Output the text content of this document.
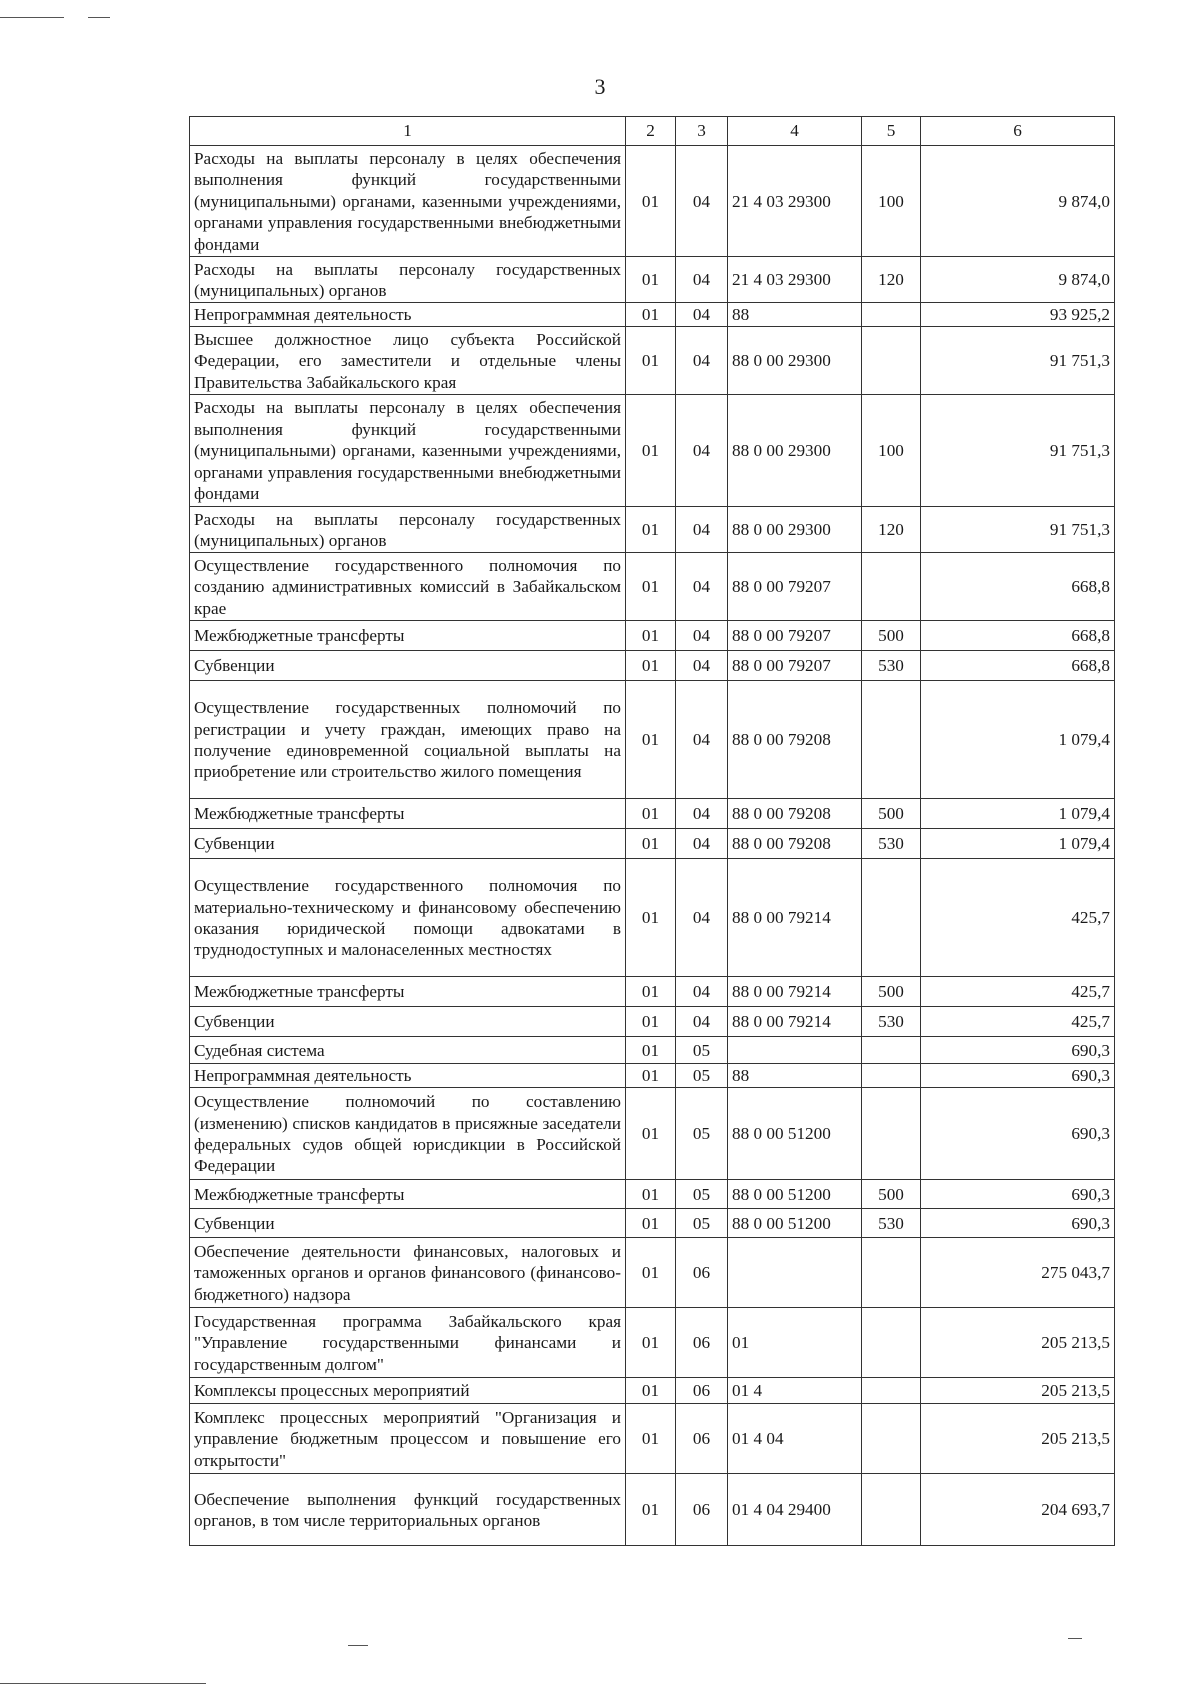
3
1	2	3	4	5	6
Расходы на выплаты персоналу в целях обеспечения выполнения функций государственными (муниципальными) органами, казенными учреждениями, органами управления государственными внебюджетными фондами	01	04	21 4 03 29300	100	9 874,0
Расходы на выплаты персоналу государственных (муниципальных) органов	01	04	21 4 03 29300	120	9 874,0
Непрограммная деятельность	01	04	88		93 925,2
Высшее должностное лицо субъекта Российской Федерации, его заместители и отдельные члены Правительства Забайкальского края	01	04	88 0 00 29300		91 751,3
Расходы на выплаты персоналу в целях обеспечения выполнения функций государственными (муниципальными) органами, казенными учреждениями, органами управления государственными внебюджетными фондами	01	04	88 0 00 29300	100	91 751,3
Расходы на выплаты персоналу государственных (муниципальных) органов	01	04	88 0 00 29300	120	91 751,3
Осуществление государственного полномочия по созданию административных комиссий в Забайкальском крае	01	04	88 0 00 79207		668,8
Межбюджетные трансферты	01	04	88 0 00 79207	500	668,8
Субвенции	01	04	88 0 00 79207	530	668,8
Осуществление государственных полномочий по регистрации и учету граждан, имеющих право на получение единовременной социальной выплаты на приобретение или строительство жилого помещения	01	04	88 0 00 79208		1 079,4
Межбюджетные трансферты	01	04	88 0 00 79208	500	1 079,4
Субвенции	01	04	88 0 00 79208	530	1 079,4
Осуществление государственного полномочия по материально-техническому и финансовому обеспечению оказания юридической помощи адвокатами в труднодоступных и малонаселенных местностях	01	04	88 0 00 79214		425,7
Межбюджетные трансферты	01	04	88 0 00 79214	500	425,7
Субвенции	01	04	88 0 00 79214	530	425,7
Судебная система	01	05			690,3
Непрограммная деятельность	01	05	88		690,3
Осуществление полномочий по составлению (изменению) списков кандидатов в присяжные заседатели федеральных судов общей юрисдикции в Российской Федерации	01	05	88 0 00 51200		690,3
Межбюджетные трансферты	01	05	88 0 00 51200	500	690,3
Субвенции	01	05	88 0 00 51200	530	690,3
Обеспечение деятельности финансовых, налоговых и таможенных органов и органов финансового (финансово-бюджетного) надзора	01	06			275 043,7
Государственная программа Забайкальского края "Управление государственными финансами и государственным долгом"	01	06	01		205 213,5
Комплексы процессных мероприятий	01	06	01 4		205 213,5
Комплекс процессных мероприятий "Организация и управление бюджетным процессом и повышение его открытости"	01	06	01 4 04		205 213,5
Обеспечение выполнения функций государственных органов, в том числе территориальных органов	01	06	01 4 04 29400		204 693,7
